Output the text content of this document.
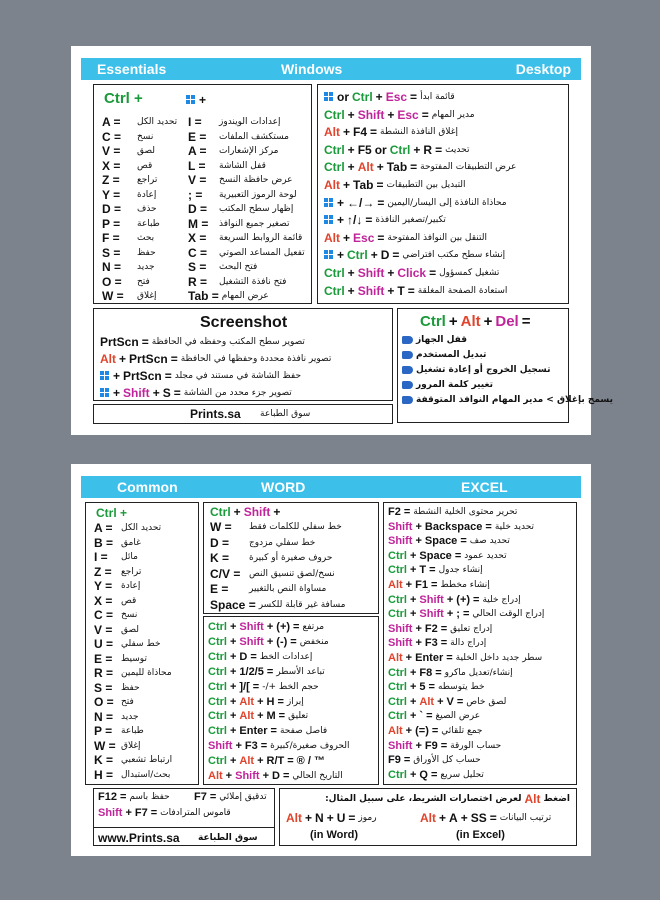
Essentials	Windows	Desktop
Ctrl +	+
A =	تحديد الكل
C =	نسخ
V =	لصق
X =	قص
Z =	تراجع
Y =	إعادة
D =	حذف
P =	طباعة
F =	بحث
S =	حفظ
N =	جديد
O =	فتح
W =	إغلاق
I =	إعدادات الويندوز
E =	مستكشف الملفات
A =	مركز الإشعارات
L =	قفل الشاشة
V =	عرض حافظة النسخ
; =	لوحة الرموز التعبيرية
D =	إظهار سطح المكتب
M =	تصغير جميع النوافذ
X =	قائمة الروابط السريعة
C =	تفعيل المساعد الصوتي
S =	فتح البحث
R =	فتح نافذة التشغيل
Tab = عرض المهام
or Ctrl + Esc = قائمة ابدأ
Ctrl + Shift + Esc = مدير المهام
Alt + F4 = إغلاق النافذة النشطة
Ctrl + F5 or Ctrl + R = تحديث
Ctrl + Alt + Tab = عرض التطبيقات المفتوحة
Alt + Tab = التبديل بين التطبيقات
+ ←/→ = محاذاة النافذة إلى اليسار/اليمين
+ ↑/↓ = تكبير/تصغير النافذة
Alt + Esc = التنقل بين النوافذ المفتوحة
+ Ctrl + D = إنشاء سطح مكتب افتراضي
Ctrl + Shift + Click = تشغيل كمسؤول
Ctrl + Shift + T = استعادة الصفحة المغلقة
Screenshot
PrtScn = تصوير سطح المكتب وحفظه في الحافظة
Alt + PrtScn = تصوير نافذة محددة وحفظها في الحافظة
+ PrtScn = حفظ الشاشة في مستند في مجلد
+ Shift + S = تصوير جزء محدد من الشاشة
Ctrl + Alt + Del =
قفل الجهاز
تبديل المستخدم
تسجيل الخروج أو إعادة تشغيل
تغيير كلمة المرور
يسمح بإغلاق > مدير المهام النوافذ المتوقفة
Prints.sa سوق الطباعة
Common	WORD	EXCEL
Ctrl +
A = تحديد الكل
B = غامق
I =	مائل
Z =	تراجع
Y = إعادة
X = قص
C = نسخ
V = لصق
U = خط سفلي
E = توسيط
R = محاذاة لليمين
S = حفظ
O = فتح
N = جديد
P = طباعة
W = إغلاق
K = ارتباط تشعبي
H = بحث/استبدال
Ctrl + Shift +
W =	خط سفلي للكلمات فقط
D =	خط سفلي مزدوج
K =	حروف صغيرة أو كبيرة
C/V = نسخ/لصق تنسيق النص
E =	مساواة النص بالتغيير
Space = مسافة غير قابلة للكسر
Ctrl + Shift + (+) = مرتفع
Ctrl + Shift + (-) = منخفض
Ctrl + D = إعدادات الخط
Ctrl + 1/2/5 = تباعد الأسطر
Ctrl + ]/[ = حجم الخط +/-
Ctrl + Alt + H = إبراز
Ctrl + Alt + M = تعليق
Ctrl + Enter = فاصل صفحة
Shift + F3 = الحروف صغيرة/كبيرة
Ctrl + Alt + R/T = ® / ™
Alt + Shift + D = التاريخ الحالي
F2 = تحرير محتوى الخلية النشطة
Shift + Backspace = تحديد خلية
Shift + Space = تحديد صف
Ctrl + Space = تحديد عمود
Ctrl + T = إنشاء جدول
Alt + F1 = إنشاء مخطط
Ctrl + Shift + (+) = إدراج خلية
Ctrl + Shift + ; = إدراج الوقت الحالي
Shift + F2 = إدراج تعليق
Shift + F3 = إدراج دالة
Alt + Enter = سطر جديد داخل الخلية
Ctrl + F8 = إنشاء/تعديل ماكرو
Ctrl + 5 = خط يتوسطه
Ctrl + Alt + V = لصق خاص
Ctrl + ` = عرض الصيغ
Alt + (=) = جمع تلقائي
Shift + F9 = حساب الورقة
F9 = حساب كل الأوراق
Ctrl + Q = تحليل سريع
F12 = حفظ باسم F7 = تدقيق إملائي
Shift + F7 = قاموس المترادفات
www.Prints.sa سوق الطباعة
لعرض اختصارات الشريط، على سبيل المثال: Alt اضغط
Alt + N + U = رموز	Alt + A + SS = ترتيب البيانات
(in Word)	(in Excel)
